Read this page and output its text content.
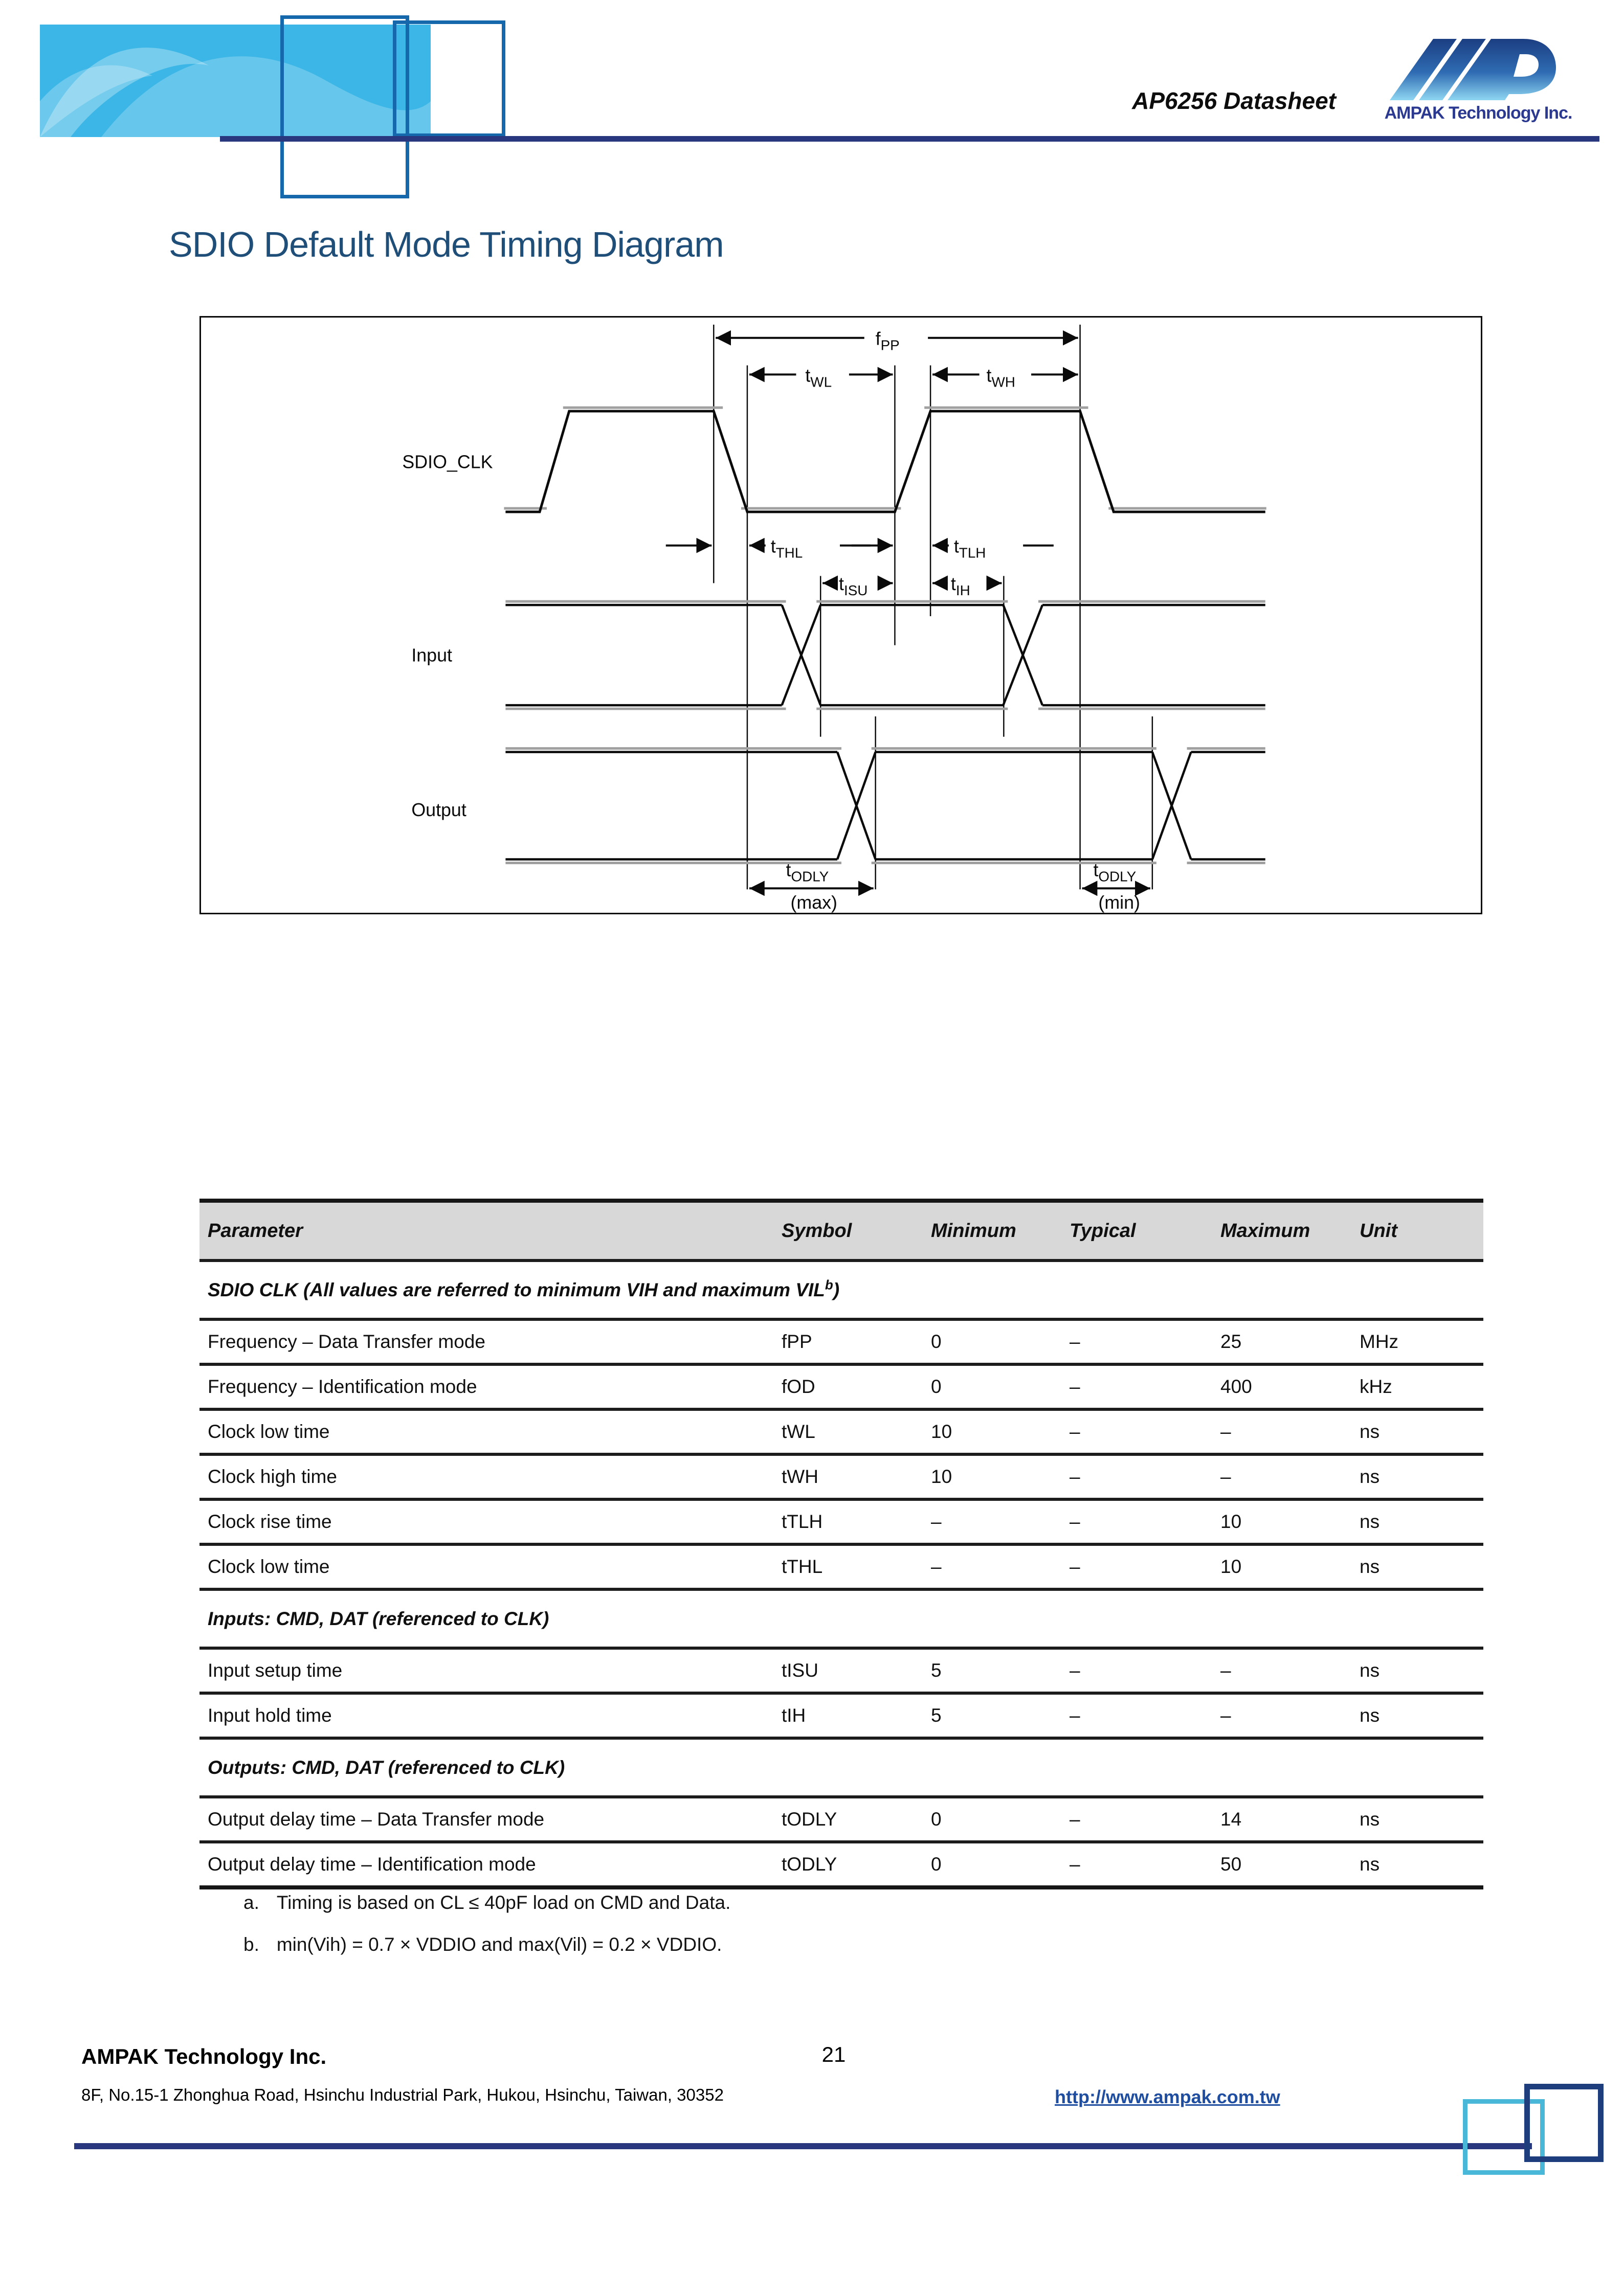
AP6256 Datasheet	AMPAK Technology Inc.
SDIO Default Mode Timing Diagram
$f_{PP}$
$t_{WL}$	$t_{WH}$
$t_{THL}$	$t_{TLH}$
$t_{ISU}$	$t_{IH}$
$t_{ODLY}$
(max)
$t_{ODLY}$
(min)
SDIO_CLK
Input
Output
Parameter	Symbol	Minimum	Typical	Maximum	Unit
SDIO CLK (All values are referred to minimum VIH and maximum VIL$^b$)
Frequency – Data Transfer mode	fPP	0	–	25	MHz
Frequency – Identification mode	fOD	0	–	400	kHz
Clock low time	tWL	10	–	–	ns
Clock high time	tWH	10	–	–	ns
Clock rise time	tTLH	–	–	10	ns
Clock low time	tTHL	–	–	10	ns
Inputs: CMD, DAT (referenced to CLK)
Input setup time	tISU	5	–	–	ns
Input hold time	tIH	5	–	–	ns
Outputs: CMD, DAT (referenced to CLK)
Output delay time – Data Transfer mode	tODLY	0	–	14	ns
Output delay time – Identification mode	tODLY	0	–	50	ns
a. Timing is based on CL ≤ 40pF load on CMD and Data.
b. min(Vih) = 0.7 × VDDIO and max(Vil) = 0.2 × VDDIO.
AMPAK Technology Inc.
8F, No.15-1 Zhonghua Road, Hsinchu Industrial Park, Hukou, Hsinchu, Taiwan, 30352
21
http://www.ampak.com.tw
